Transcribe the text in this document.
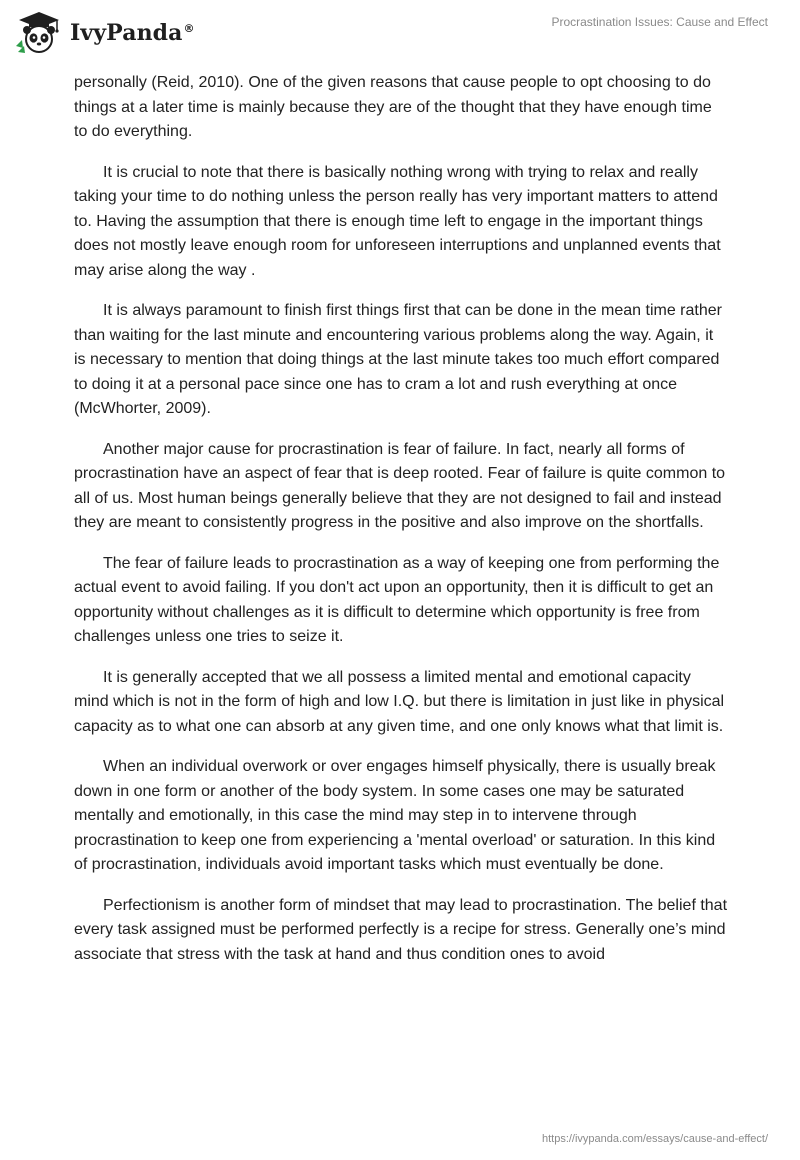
IvyPanda®	Procrastination Issues: Cause and Effect

personally (Reid, 2010). One of the given reasons that cause people to opt choosing to do things at a later time is mainly because they are of the thought that they have enough time to do everything.

It is crucial to note that there is basically nothing wrong with trying to relax and really taking your time to do nothing unless the person really has very important matters to attend to. Having the assumption that there is enough time left to engage in the important things does not mostly leave enough room for unforeseen interruptions and unplanned events that may arise along the way .

It is always paramount to finish first things first that can be done in the mean time rather than waiting for the last minute and encountering various problems along the way. Again, it is necessary to mention that doing things at the last minute takes too much effort compared to doing it at a personal pace since one has to cram a lot and rush everything at once (McWhorter, 2009).

Another major cause for procrastination is fear of failure. In fact, nearly all forms of procrastination have an aspect of fear that is deep rooted. Fear of failure is quite common to all of us. Most human beings generally believe that they are not designed to fail and instead they are meant to consistently progress in the positive and also improve on the shortfalls.

The fear of failure leads to procrastination as a way of keeping one from performing the actual event to avoid failing. If you don't act upon an opportunity, then it is difficult to get an opportunity without challenges as it is difficult to determine which opportunity is free from challenges unless one tries to seize it.

It is generally accepted that we all possess a limited mental and emotional capacity mind which is not in the form of high and low I.Q. but there is limitation in just like in physical capacity as to what one can absorb at any given time, and one only knows what that limit is.

When an individual overwork or over engages himself physically, there is usually break down in one form or another of the body system. In some cases one may be saturated mentally and emotionally, in this case the mind may step in to intervene through procrastination to keep one from experiencing a 'mental overload' or saturation. In this kind of procrastination, individuals avoid important tasks which must eventually be done.

Perfectionism is another form of mindset that may lead to procrastination. The belief that every task assigned must be performed perfectly is a recipe for stress. Generally one’s mind associate that stress with the task at hand and thus condition ones to avoid

https://ivypanda.com/essays/cause-and-effect/
